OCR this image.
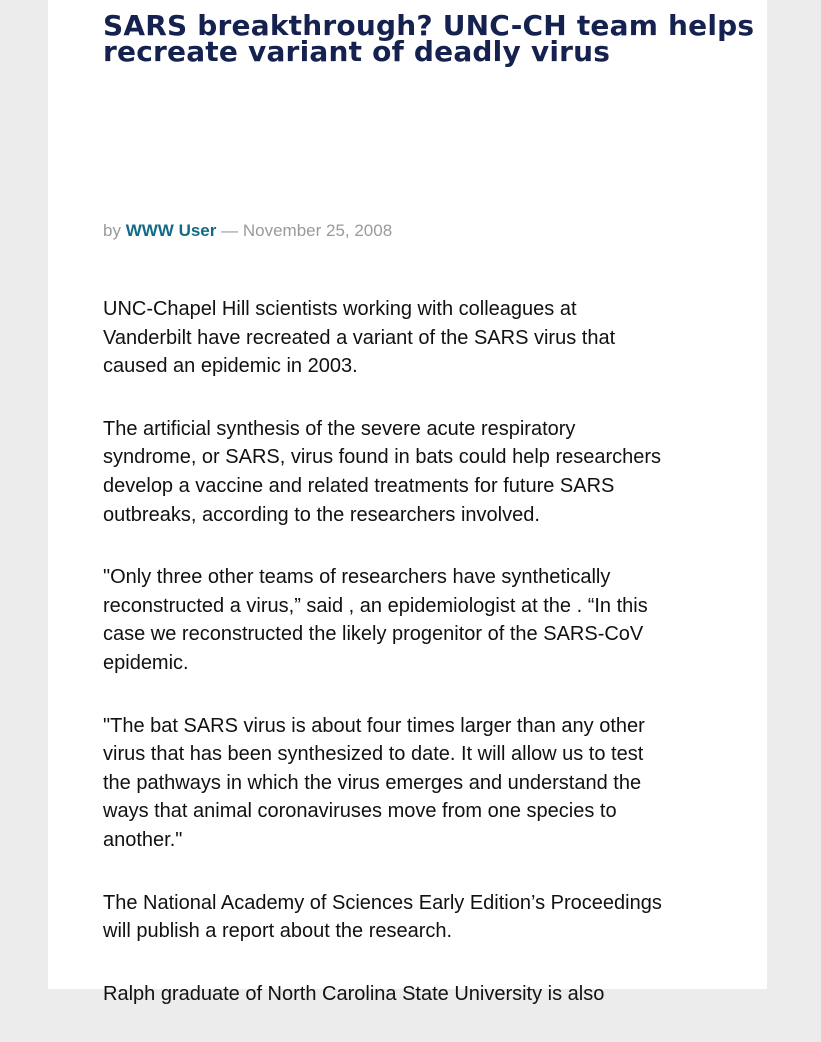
SARS breakthrough? UNC-CH team helps
recreate variant of deadly virus
by WWW User — November 25, 2008

UNC-Chapel Hill scientists working with colleagues at
Vanderbilt have recreated a variant of the SARS virus that
caused an epidemic in 2003.

The artificial synthesis of the severe acute respiratory
syndrome, or SARS, virus found in bats could help researchers
develop a vaccine and related treatments for future SARS
outbreaks, according to the researchers involved.

"Only three other teams of researchers have synthetically
reconstructed a virus,” said , an epidemiologist at the . “In this
case we reconstructed the likely progenitor of the SARS-CoV
epidemic.

"The bat SARS virus is about four times larger than any other
virus that has been synthesized to date. It will allow us to test
the pathways in which the virus emerges and understand the
ways that animal coronaviruses move from one species to
another."

The National Academy of Sciences Early Edition’s Proceedings
will publish a report about the research.

Ralph graduate of North Carolina State University is also
